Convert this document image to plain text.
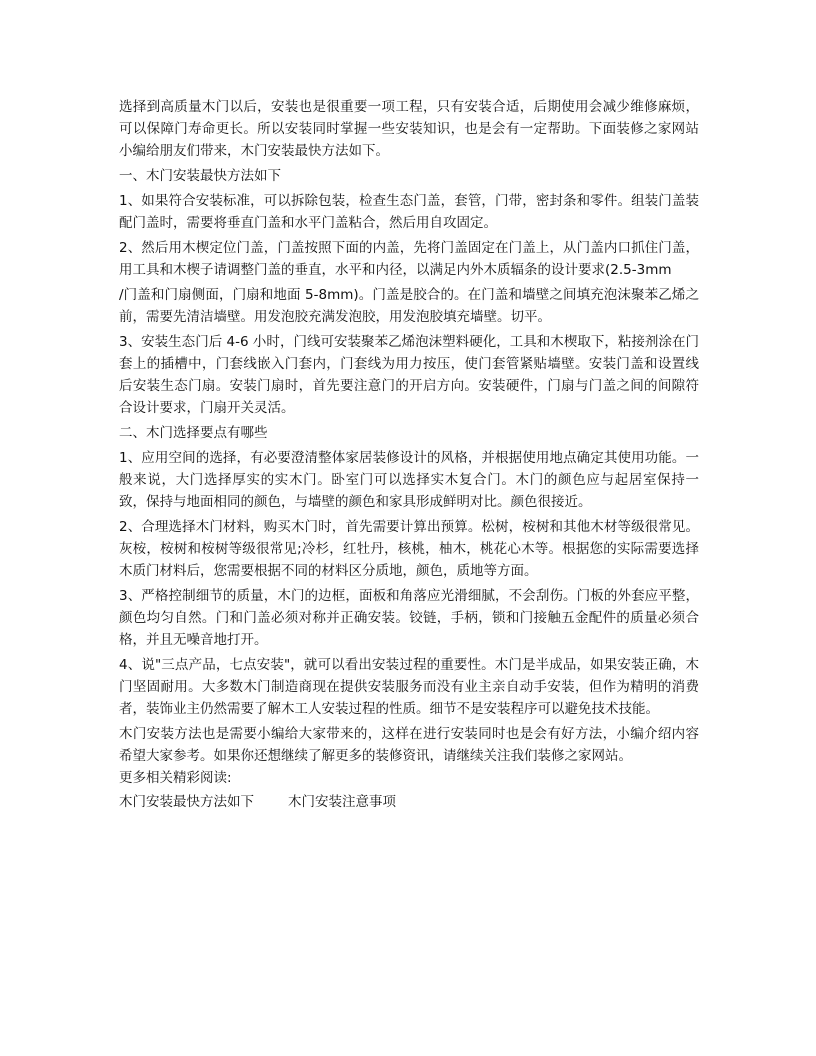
选择到高质量木门以后，安装也是很重要一项工程，只有安装合适，后期使用会减少维修麻烦，可以保障门寿命更长。所以安装同时掌握一些安装知识，也是会有一定帮助。下面装修之家网站小编给朋友们带来，木门安装最快方法如下。

一、木门安装最快方法如下

1、如果符合安装标准，可以拆除包装，检查生态门盖，套管，门带，密封条和零件。组装门盖装配门盖时，需要将垂直门盖和水平门盖粘合，然后用自攻固定。

2、然后用木楔定位门盖，门盖按照下面的内盖，先将门盖固定在门盖上，从门盖内口抓住门盖，用工具和木楔子请调整门盖的垂直，水平和内径，以满足内外木质辐条的设计要求(2.5-3mm

/门盖和门扇侧面，门扇和地面 5-8mm)。门盖是胶合的。在门盖和墙壁之间填充泡沫聚苯乙烯之前，需要先清洁墙壁。用发泡胶充满发泡胶，用发泡胶填充墙壁。切平。

3、安装生态门后 4-6 小时，门线可安装聚苯乙烯泡沫塑料硬化，工具和木楔取下，粘接剂涂在门套上的插槽中，门套线嵌入门套内，门套线为用力按压，使门套管紧贴墙壁。安装门盖和设置线后安装生态门扇。安装门扇时，首先要注意门的开启方向。安装硬件，门扇与门盖之间的间隙符合设计要求，门扇开关灵活。

二、木门选择要点有哪些

1、应用空间的选择，有必要澄清整体家居装修设计的风格，并根据使用地点确定其使用功能。一般来说，大门选择厚实的实木门。卧室门可以选择实木复合门。木门的颜色应与起居室保持一致，保持与地面相同的颜色，与墙壁的颜色和家具形成鲜明对比。颜色很接近。

2、合理选择木门材料，购买木门时，首先需要计算出预算。松树，桉树和其他木材等级很常见。灰桉，桉树和桉树等级很常见;冷杉，红牡丹，核桃，柚木，桃花心木等。根据您的实际需要选择木质门材料后，您需要根据不同的材料区分质地，颜色，质地等方面。

3、严格控制细节的质量，木门的边框，面板和角落应光滑细腻，不会刮伤。门板的外套应平整，颜色均匀自然。门和门盖必须对称并正确安装。铰链，手柄，锁和门接触五金配件的质量必须合格，并且无噪音地打开。

4、说"三点产品，七点安装"，就可以看出安装过程的重要性。木门是半成品，如果安装正确，木门坚固耐用。大多数木门制造商现在提供安装服务而没有业主亲自动手安装，但作为精明的消费者，装饰业主仍然需要了解木工人安装过程的性质。细节不是安装程序可以避免技术技能。

木门安装方法也是需要小编给大家带来的，这样在进行安装同时也是会有好方法，小编介绍内容希望大家参考。如果你还想继续了解更多的装修资讯，请继续关注我们装修之家网站。

更多相关精彩阅读:

木门安装最快方法如下	木门安装注意事项
